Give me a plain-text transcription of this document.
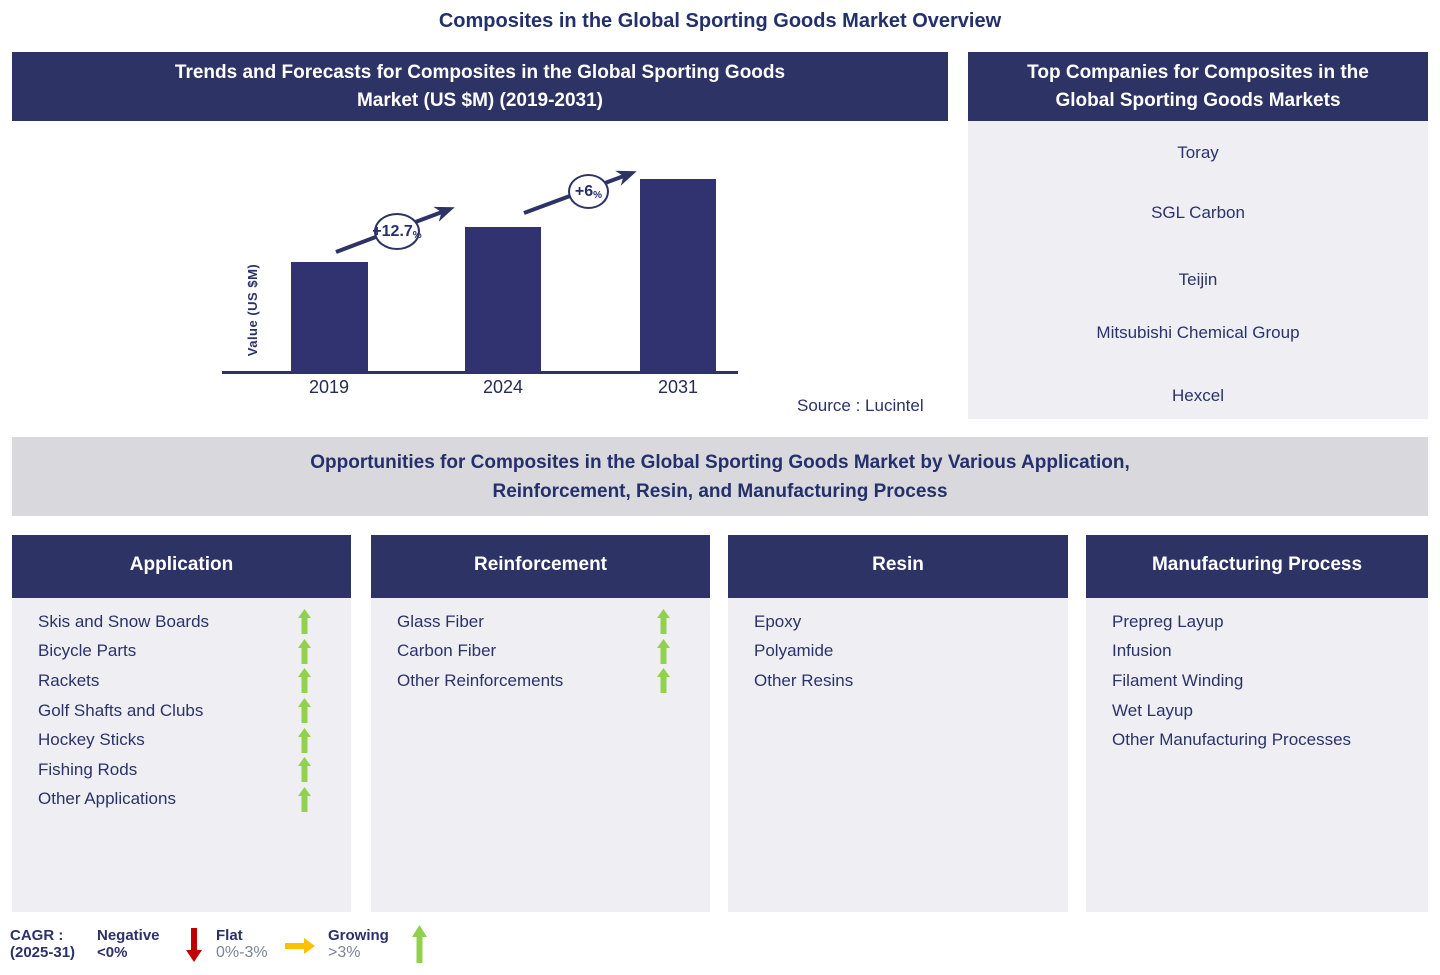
Composites in the Global Sporting Goods Market Overview
Trends and Forecasts for Composites in the Global Sporting Goods
Market (US $M) (2019-2031)
Value (US $M)
+12.7 %
+6 %
2019	2024	2031
Source : Lucintel
Top Companies for Composites in the
Global Sporting Goods Markets
Toray
SGL Carbon
Teijin
Mitsubishi Chemical Group
Hexcel
Opportunities for Composites in the Global Sporting Goods Market by Various Application,
Reinforcement, Resin, and Manufacturing Process
Application
Skis and Snow Boards
Bicycle Parts
Rackets
Golf Shafts and Clubs
Hockey Sticks
Fishing Rods
Other Applications
Reinforcement
Glass Fiber
Carbon Fiber
Other Reinforcements
Resin
Epoxy
Polyamide
Other Resins
Manufacturing Process
Prepreg Layup
Infusion
Filament Winding
Wet Layup
Other Manufacturing Processes
CAGR :
(2025-31)
Negative
<0%
Flat
0%-3%
Growing
>3%
